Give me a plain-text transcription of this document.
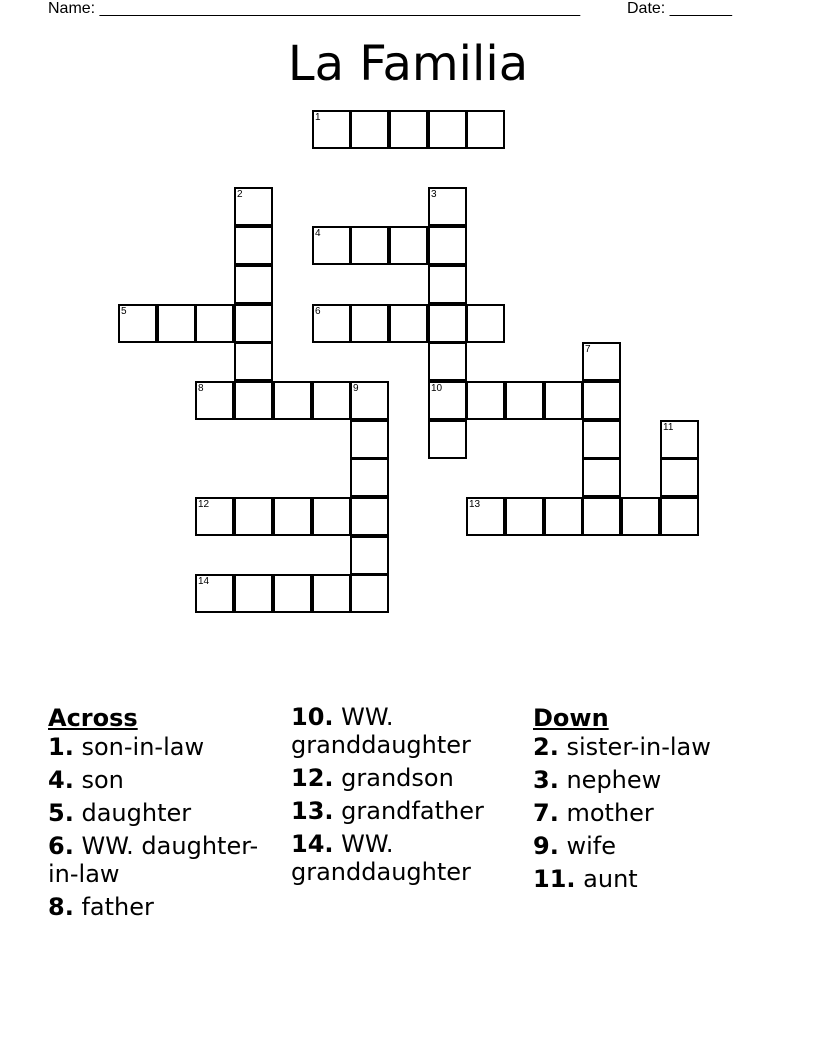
Name: ______________________________________________________	Date: _______
La Familia
1
2	3
4
5	6
7
8	9	10
11
12	13
14
Across
1. son-in-law
4. son
5. daughter
6. WW. daughter-in-law
8. father
10. WW. granddaughter
12. grandson
13. grandfather
14. WW. granddaughter
Down
2. sister-in-law
3. nephew
7. mother
9. wife
11. aunt
